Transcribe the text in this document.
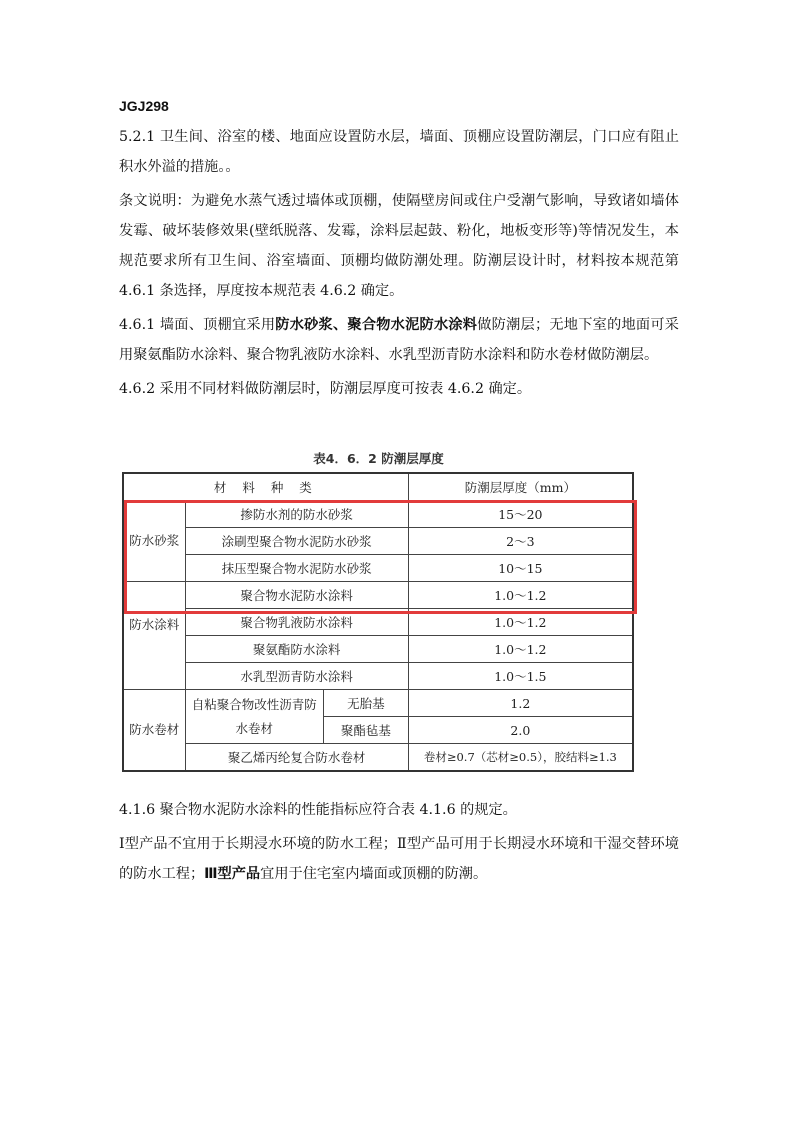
JGJ298

5.2.1 卫生间、浴室的楼、地面应设置防水层，墙面、顶棚应设置防潮层，门口应有阻止积水外溢的措施。。

条文说明：为避免水蒸气透过墙体或顶棚，使隔壁房间或住户受潮气影响，导致诸如墙体发霉、破坏装修效果(壁纸脱落、发霉，涂料层起鼓、粉化，地板变形等)等情况发生，本规范要求所有卫生间、浴室墙面、顶棚均做防潮处理。防潮层设计时，材料按本规范第 4.6.1 条选择，厚度按本规范表 4.6.2 确定。

4.6.1 墙面、顶棚宜采用防水砂浆、聚合物水泥防水涂料做防潮层；无地下室的地面可采用聚氨酯防水涂料、聚合物乳液防水涂料、水乳型沥青防水涂料和防水卷材做防潮层。

4.6.2 采用不同材料做防潮层时，防潮层厚度可按表 4.6.2 确定。

表4．6．2 防潮层厚度
材 料 种 类			防潮层厚度（mm）
防水砂浆	掺防水剂的防水砂浆		15～20
	涂刷型聚合物水泥防水砂浆		2～3
	抹压型聚合物水泥防水砂浆		10～15
防水涂料	聚合物水泥防水涂料		1.0～1.2
	聚合物乳液防水涂料		1.0～1.2
	聚氨酯防水涂料		1.0～1.2
	水乳型沥青防水涂料		1.0～1.5
防水卷材	自粘聚合物改性沥青防水卷材	无胎基	1.2
		聚酯毡基	2.0
	聚乙烯丙纶复合防水卷材		卷材≥0.7（芯材≥0.5），胶结料≥1.3

4.1.6 聚合物水泥防水涂料的性能指标应符合表 4.1.6 的规定。

Ⅰ型产品不宜用于长期浸水环境的防水工程；Ⅱ型产品可用于长期浸水环境和干湿交替环境的防水工程；Ⅲ型产品宜用于住宅室内墙面或顶棚的防潮。
